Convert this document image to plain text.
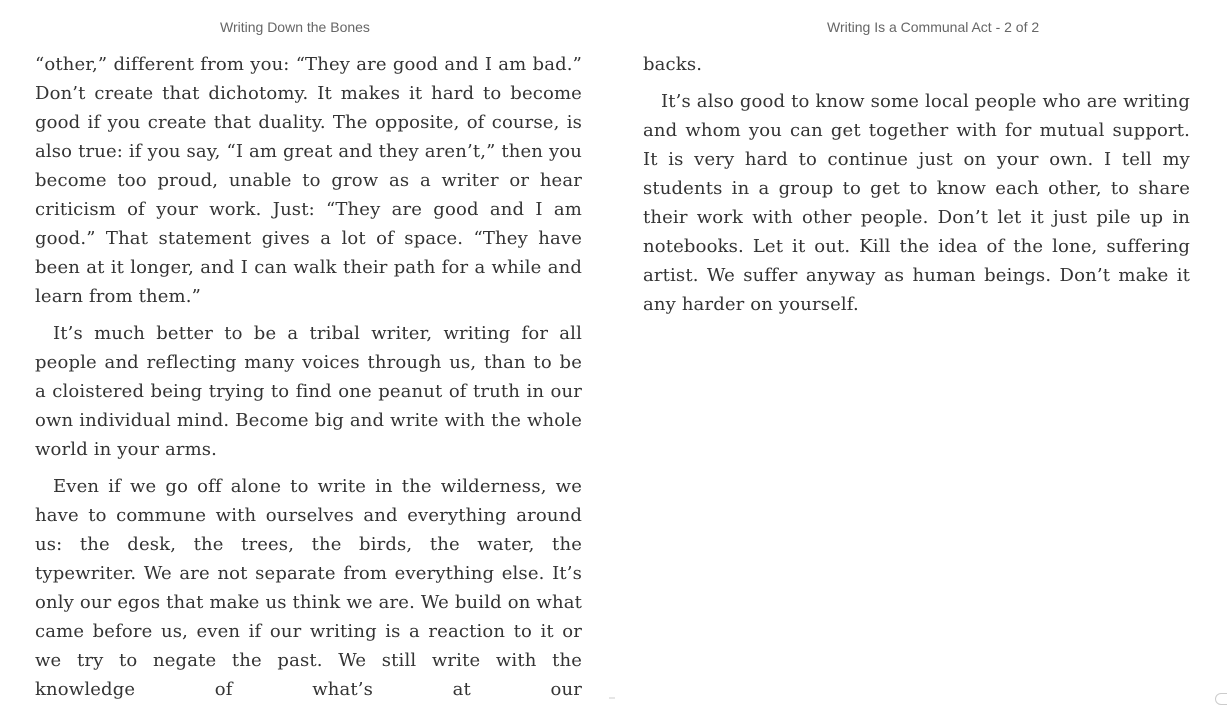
Writing Down the Bones	Writing Is a Communal Act - 2 of 2

“other,” different from you: “They are good and I am bad.” Don’t create that dichotomy. It makes it hard to become good if you create that duality. The opposite, of course, is also true: if you say, “I am great and they aren’t,” then you become too proud, unable to grow as a writer or hear criticism of your work. Just: “They are good and I am good.” That statement gives a lot of space. “They have been at it longer, and I can walk their path for a while and learn from them.”

It’s much better to be a tribal writer, writing for all people and reflecting many voices through us, than to be a cloistered being trying to find one peanut of truth in our own individual mind. Become big and write with the whole world in your arms.

Even if we go off alone to write in the wilderness, we have to commune with ourselves and everything around us: the desk, the trees, the birds, the water, the typewriter. We are not separate from everything else. It’s only our egos that make us think we are. We build on what came before us, even if our writing is a reaction to it or we try to negate the past. We still write with the knowledge of what’s at our

backs.

It’s also good to know some local people who are writing and whom you can get together with for mutual support. It is very hard to continue just on your own. I tell my students in a group to get to know each other, to share their work with other people. Don’t let it just pile up in notebooks. Let it out. Kill the idea of the lone, suffering artist. We suffer anyway as human beings. Don’t make it any harder on yourself.
